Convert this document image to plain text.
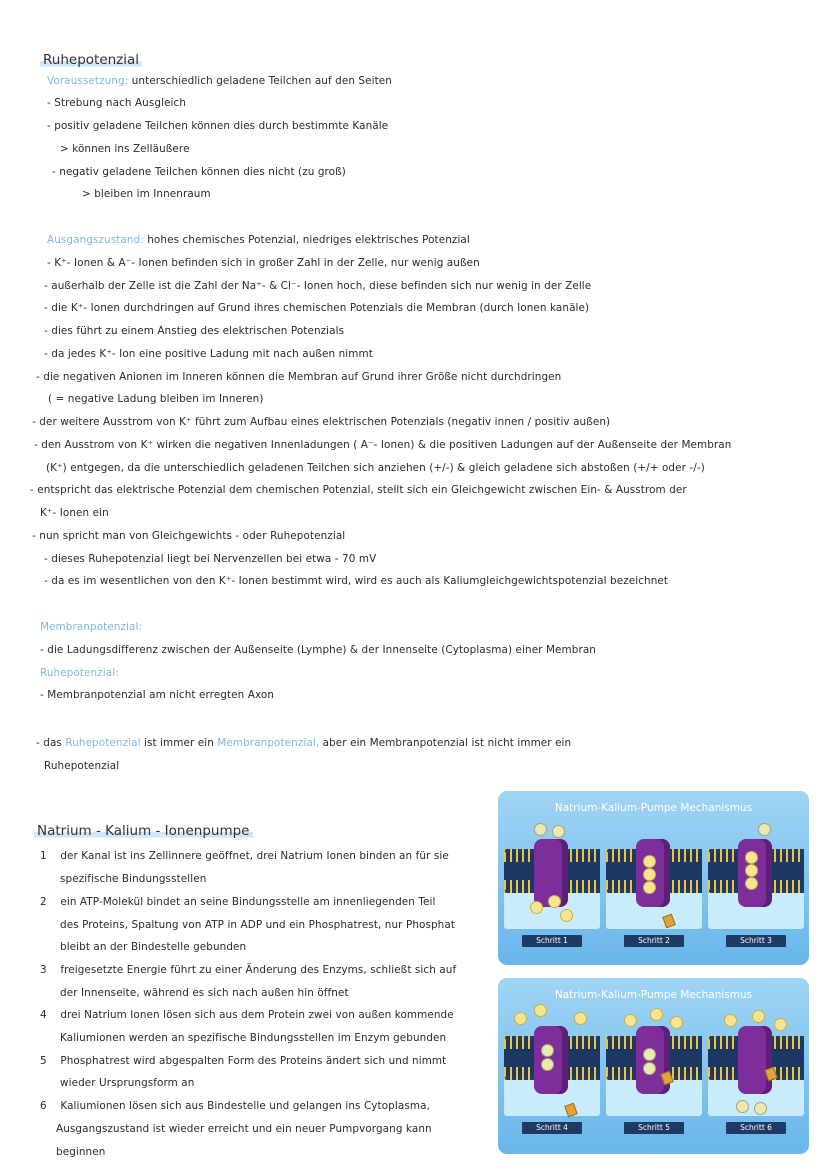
Ruhepotenzial
Voraussetzung: unterschiedlich geladene Teilchen auf den Seiten
- Strebung nach Ausgleich
- positiv geladene Teilchen können dies durch bestimmte Kanäle
> können ins Zelläußere
- negativ geladene Teilchen können dies nicht (zu groß)
> bleiben im Innenraum
Ausgangszustand: hohes chemisches Potenzial, niedriges elektrisches Potenzial
- K⁺- Ionen & A⁻- Ionen befinden sich in großer Zahl in der Zelle, nur wenig außen
- außerhalb der Zelle ist die Zahl der Na⁺- & Cl⁻- Ionen hoch, diese befinden sich nur wenig in der Zelle
- die K⁺- Ionen durchdringen auf Grund ihres chemischen Potenzials die Membran (durch Ionen kanäle)
- dies führt zu einem Anstieg des elektrischen Potenzials
- da jedes K⁺- Ion eine positive Ladung mit nach außen nimmt
- die negativen Anionen im Inneren können die Membran auf Grund ihrer Größe nicht durchdringen
( = negative Ladung bleiben im Inneren)
- der weitere Ausstrom von K⁺ führt zum Aufbau eines elektrischen Potenzials (negativ innen / positiv außen)
- den Ausstrom von K⁺ wirken die negativen Innenladungen ( A⁻- Ionen) & die positiven Ladungen auf der Außenseite der Membran
(K⁺) entgegen, da die unterschiedlich geladenen Teilchen sich anziehen (+/-) & gleich geladene sich abstoßen (+/+ oder -/-)
- entspricht das elektrische Potenzial dem chemischen Potenzial, stellt sich ein Gleichgewicht zwischen Ein- & Ausstrom der
K⁺- Ionen ein
- nun spricht man von Gleichgewichts - oder Ruhepotenzial
- dieses Ruhepotenzial liegt bei Nervenzellen bei etwa - 70 mV
- da es im wesentlichen von den K⁺- Ionen bestimmt wird, wird es auch als Kaliumgleichgewichtspotenzial bezeichnet
Membranpotenzial:
- die Ladungsdifferenz zwischen der Außenseite (Lymphe) & der Innenseite (Cytoplasma) einer Membran
Ruhepotenzial:
- Membranpotenzial am nicht erregten Axon
- das Ruhepotenzial ist immer ein Membranpotenzial, aber ein Membranpotenzial ist nicht immer ein
Ruhepotenzial
Natrium - Kalium - Ionenpumpe
1 der Kanal ist ins Zellinnere geöffnet, drei Natrium Ionen binden an für sie
spezifische Bindungsstellen
2 ein ATP-Molekül bindet an seine Bindungsstelle am innenliegenden Teil
des Proteins, Spaltung von ATP in ADP und ein Phosphatrest, nur Phosphat
bleibt an der Bindestelle gebunden
3 freigesetzte Energie führt zu einer Änderung des Enzyms, schließt sich auf
der Innenseite, während es sich nach außen hin öffnet
4 drei Natrium Ionen lösen sich aus dem Protein zwei von außen kommende
Kaliumionen werden an spezifische Bindungsstellen im Enzym gebunden
5 Phosphatrest wird abgespalten Form des Proteins ändert sich und nimmt
wieder Ursprungsform an
6 Kaliumionen lösen sich aus Bindestelle und gelangen ins Cytoplasma,
Ausgangszustand ist wieder erreicht und ein neuer Pumpvorgang kann
beginnen
Natrium-Kalium-Pumpe Mechanismus
Schritt 1	Schritt 2	Schritt 3
Natrium-Kalium-Pumpe Mechanismus
Schritt 4	Schritt 5	Schritt 6
